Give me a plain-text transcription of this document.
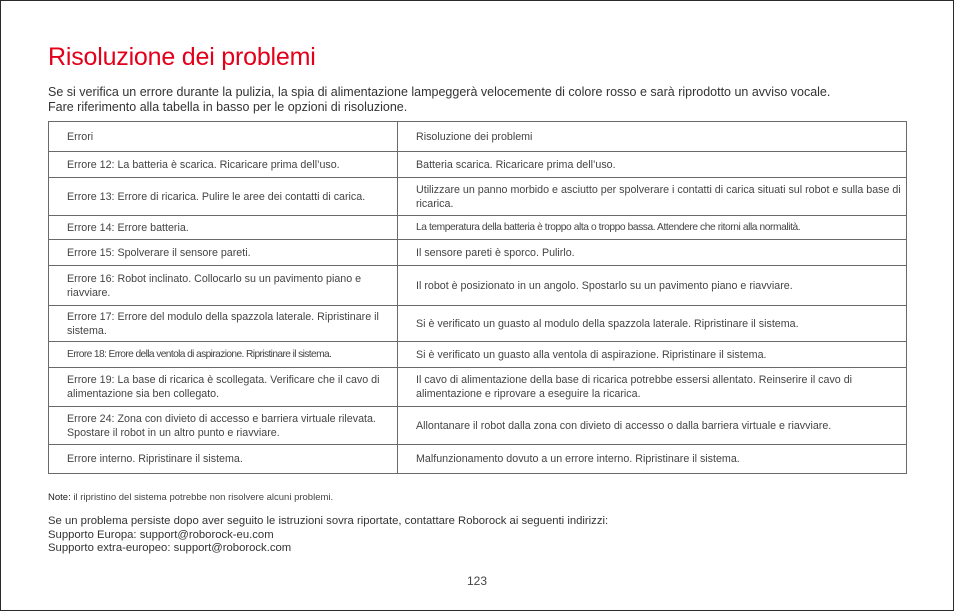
Risoluzione dei problemi
Se si verifica un errore durante la pulizia, la spia di alimentazione lampeggerà velocemente di colore rosso e sarà riprodotto un avviso vocale.
Fare riferimento alla tabella in basso per le opzioni di risoluzione.
Errori	Risoluzione dei problemi
Errore 12: La batteria è scarica. Ricaricare prima dell’uso.	Batteria scarica. Ricaricare prima dell’uso.
Errore 13: Errore di ricarica. Pulire le aree dei contatti di carica.	Utilizzare un panno morbido e asciutto per spolverare i contatti di carica situati sul robot e sulla base di ricarica.
Errore 14: Errore batteria.	La temperatura della batteria è troppo alta o troppo bassa. Attendere che ritorni alla normalità.
Errore 15: Spolverare il sensore pareti.	Il sensore pareti è sporco. Pulirlo.
Errore 16: Robot inclinato. Collocarlo su un pavimento piano e riavviare.	Il robot è posizionato in un angolo. Spostarlo su un pavimento piano e riavviare.
Errore 17: Errore del modulo della spazzola laterale. Ripristinare il sistema.	Si è verificato un guasto al modulo della spazzola laterale. Ripristinare il sistema.
Errore 18: Errore della ventola di aspirazione. Ripristinare il sistema.	Si è verificato un guasto alla ventola di aspirazione. Ripristinare il sistema.
Errore 19: La base di ricarica è scollegata. Verificare che il cavo di alimentazione sia ben collegato.	Il cavo di alimentazione della base di ricarica potrebbe essersi allentato. Reinserire il cavo di alimentazione e riprovare a eseguire la ricarica.
Errore 24: Zona con divieto di accesso e barriera virtuale rilevata. Spostare il robot in un altro punto e riavviare.	Allontanare il robot dalla zona con divieto di accesso o dalla barriera virtuale e riavviare.
Errore interno. Ripristinare il sistema.	Malfunzionamento dovuto a un errore interno. Ripristinare il sistema.
Note: il ripristino del sistema potrebbe non risolvere alcuni problemi.
Se un problema persiste dopo aver seguito le istruzioni sovra riportate, contattare Roborock ai seguenti indirizzi:
Supporto Europa: support@roborock-eu.com
Supporto extra-europeo: support@roborock.com
123
